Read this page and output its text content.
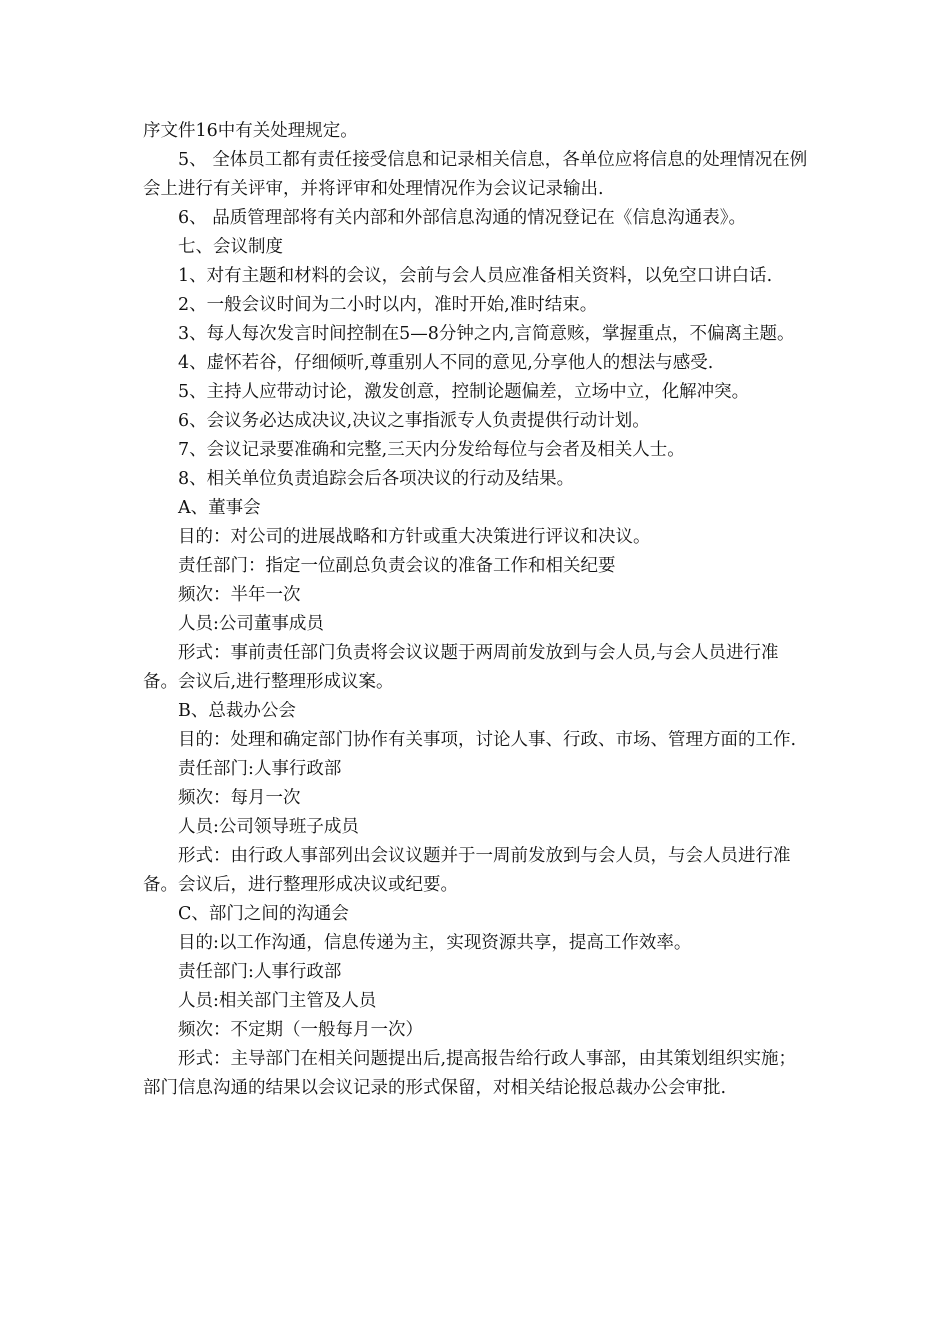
序文件16中有关处理规定。

5、 全体员工都有责任接受信息和记录相关信息，各单位应将信息的处理情况在例会上进行有关评审，并将评审和处理情况作为会议记录输出.

6、 品质管理部将有关内部和外部信息沟通的情况登记在《信息沟通表》。

七、会议制度

1、对有主题和材料的会议，会前与会人员应准备相关资料，以免空口讲白话.

2、一般会议时间为二小时以内，准时开始,准时结束。

3、每人每次发言时间控制在5—8分钟之内,言简意赅，掌握重点，不偏离主题。

4、虚怀若谷，仔细倾听,尊重别人不同的意见,分享他人的想法与感受.

5、主持人应带动讨论，激发创意，控制论题偏差，立场中立，化解冲突。

6、会议务必达成决议,决议之事指派专人负责提供行动计划。

7、会议记录要准确和完整,三天内分发给每位与会者及相关人士。

8、相关单位负责追踪会后各项决议的行动及结果。

A、董事会

目的：对公司的进展战略和方针或重大决策进行评议和决议。

责任部门：指定一位副总负责会议的准备工作和相关纪要

频次：半年一次

人员:公司董事成员

形式：事前责任部门负责将会议议题于两周前发放到与会人员,与会人员进行准备。会议后,进行整理形成议案。

B、总裁办公会

目的：处理和确定部门协作有关事项，讨论人事、行政、市场、管理方面的工作.

责任部门:人事行政部

频次：每月一次

人员:公司领导班子成员

形式：由行政人事部列出会议议题并于一周前发放到与会人员，与会人员进行准备。会议后，进行整理形成决议或纪要。

C、部门之间的沟通会

目的:以工作沟通，信息传递为主，实现资源共享，提高工作效率。

责任部门:人事行政部

人员:相关部门主管及人员

频次：不定期（一般每月一次）

形式：主导部门在相关问题提出后,提高报告给行政人事部，由其策划组织实施；部门信息沟通的结果以会议记录的形式保留，对相关结论报总裁办公会审批.
